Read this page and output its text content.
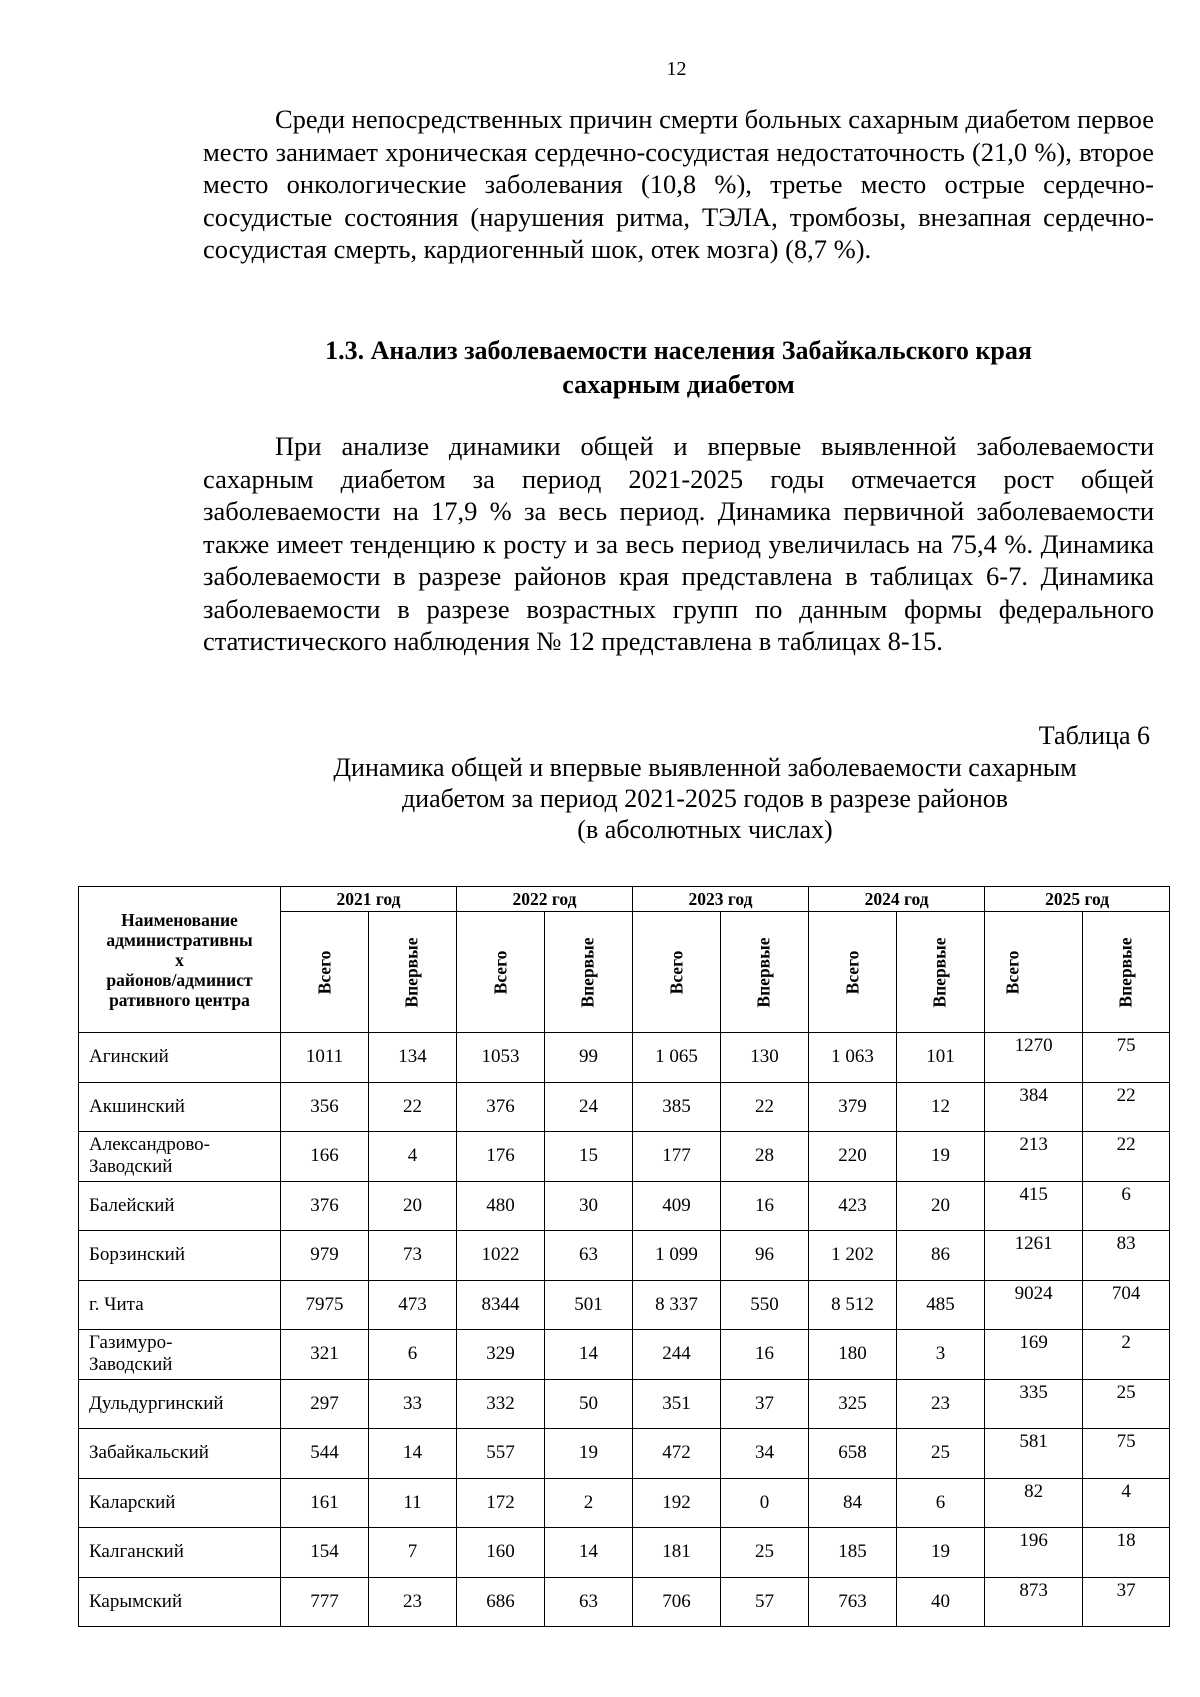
12

Среди непосредственных причин смерти больных сахарным диабетом первое место занимает хроническая сердечно-сосудистая недостаточность (21,0 %), второе место онкологические заболевания (10,8 %), третье место острые сердечно-сосудистые состояния (нарушения ритма, ТЭЛА, тромбозы, внезапная сердечно-сосудистая смерть, кардиогенный шок, отек мозга) (8,7 %).

1.3. Анализ заболеваемости населения Забайкальского края
сахарным диабетом

При анализе динамики общей и впервые выявленной заболеваемости сахарным диабетом за период 2021-2025 годы отмечается рост общей заболеваемости на 17,9 % за весь период. Динамика первичной заболеваемости также имеет тенденцию к росту и за весь период увеличилась на 75,4 %. Динамика заболеваемости в разрезе районов края представлена в таблицах 6-7. Динамика заболеваемости в разрезе возрастных групп по данным формы федерального статистического наблюдения № 12 представлена в таблицах 8-15.

Таблица 6

Динамика общей и впервые выявленной заболеваемости сахарным
диабетом за период 2021-2025 годов в разрезе районов
(в абсолютных числах)

Наименование
административны
х
районов/админист
ративного центра	2021 год		2022 год		2023 год		2024 год		2025 год	

	Всего	Впервые	Всего	Впервые	Всего	Впервые	Всего	Впервые	Всего	Впервые

Агинский	1011	134	1053	99	1 065	130	1 063	101	1270	75
Акшинский	356	22	376	24	385	22	379	12	384	22
Александрово-
Заводский	166	4	176	15	177	28	220	19	213	22
Балейский	376	20	480	30	409	16	423	20	415	6
Борзинский	979	73	1022	63	1 099	96	1 202	86	1261	83
г. Чита	7975	473	8344	501	8 337	550	8 512	485	9024	704
Газимуро-
Заводский	321	6	329	14	244	16	180	3	169	2
Дульдургинский	297	33	332	50	351	37	325	23	335	25
Забайкальский	544	14	557	19	472	34	658	25	581	75
Каларский	161	11	172	2	192	0	84	6	82	4
Калганский	154	7	160	14	181	25	185	19	196	18
Карымский	777	23	686	63	706	57	763	40	873	37
